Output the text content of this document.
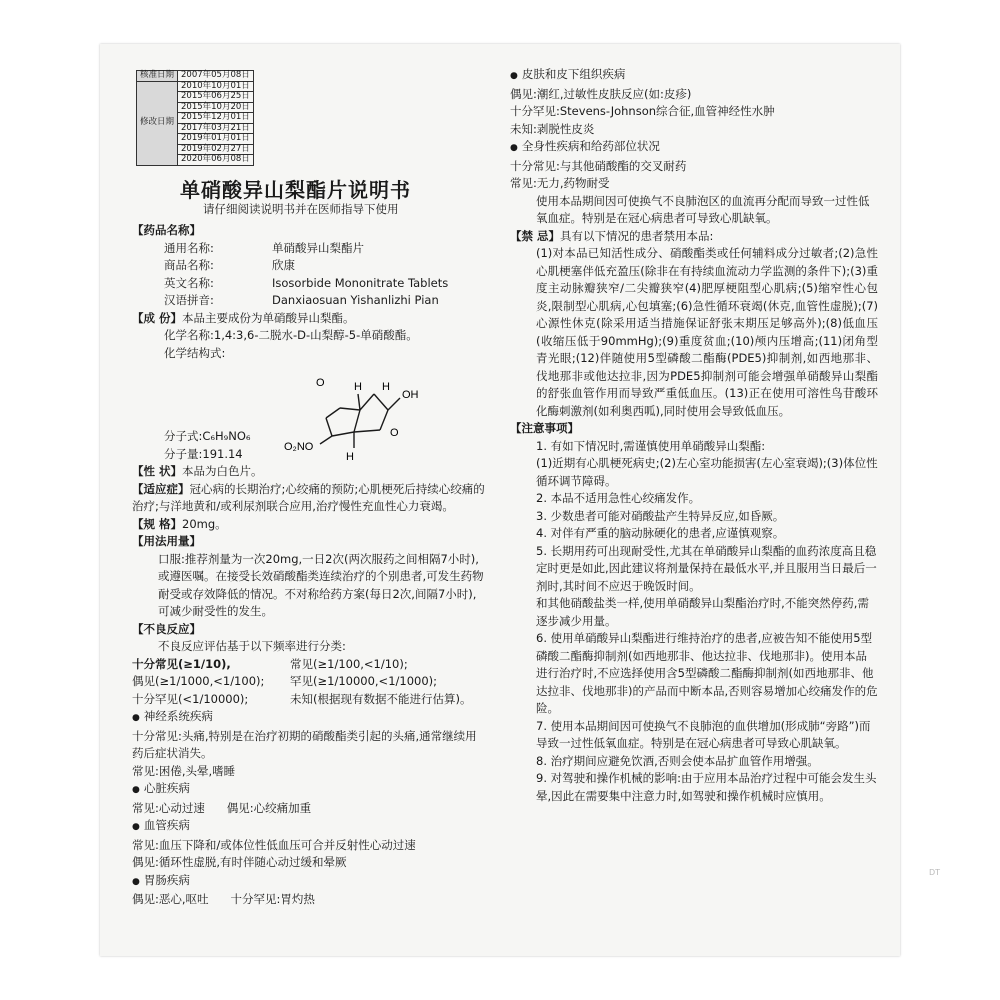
DT
核准日期	2007年05月08日
修改日期	2010年10月01日
	2015年06月25日
	2015年10月20日
	2015年12月01日
	2017年03月21日
	2019年01月01日
	2019年02月27日
	2020年06月08日
单硝酸异山梨酯片说明书
请仔细阅读说明书并在医师指导下使用

【药品名称】

通用名称:	单硝酸异山梨酯片
商品名称:	欣康
英文名称:	Isosorbide Mononitrate Tablets
汉语拼音:	Danxiaosuan Yishanlizhi Pian

【成 份】本品主要成份为单硝酸异山梨酯。

化学名称:1,4:3,6-二脱水-D-山梨醇-5-单硝酸酯。

化学结构式:

分子式:C₆H₉NO₆

分子量:191.14

【性 状】本品为白色片。

【适应症】冠心病的长期治疗;心绞痛的预防;心肌梗死后持续心绞痛的治疗;与洋地黄和/或利尿剂联合应用,治疗慢性充血性心力衰竭。

【规 格】20mg。

【用法用量】

口服:推荐剂量为一次20mg,一日2次(两次服药之间相隔7小时),或遵医嘱。在接受长效硝酸酯类连续治疗的个别患者,可发生药物耐受或存效降低的情况。不对称给药方案(每日2次,间隔7小时),可减少耐受性的发生。

【不良反应】

不良反应评估基于以下频率进行分类:

十分常见(≥1/10),	常见(≥1/100,<1/10);
偶见(≥1/1000,<1/100);	罕见(≥1/10000,<1/1000);
十分罕见(<1/10000);	未知(根据现有数据不能进行估算)。

● 神经系统疾病

十分常见:头痛,特别是在治疗初期的硝酸酯类引起的头痛,通常继续用药后症状消失。

常见:困倦,头晕,嗜睡

● 心脏疾病

常见:心动过速      偶见:心绞痛加重

● 血管疾病

常见:血压下降和/或体位性低血压可合并反射性心动过速

偶见:循环性虚脱,有时伴随心动过缓和晕厥

● 胃肠疾病

偶见:恶心,呕吐      十分罕见:胃灼热

O	H H
OH
O
H
O₂NO

● 皮肤和皮下组织疾病

偶见:潮红,过敏性皮肤反应(如:皮疹)

十分罕见:Stevens-Johnson综合征,血管神经性水肿

未知:剥脱性皮炎

● 全身性疾病和给药部位状况

十分常见:与其他硝酸酯的交叉耐药

常见:无力,药物耐受

使用本品期间因可使换气不良肺泡区的血流再分配而导致一过性低氧血症。特别是在冠心病患者可导致心肌缺氧。

【禁 忌】具有以下情况的患者禁用本品:

(1)对本品已知活性成分、硝酸酯类或任何辅料成分过敏者;(2)急性心肌梗塞伴低充盈压(除非在有持续血流动力学监测的条件下);(3)重度主动脉瓣狭窄/二尖瓣狭窄(4)肥厚梗阻型心肌病;(5)缩窄性心包炎,限制型心肌病,心包填塞;(6)急性循环衰竭(休克,血管性虚脱);(7)心源性休克(除采用适当措施保证舒张末期压足够高外);(8)低血压(收缩压低于90mmHg);(9)重度贫血;(10)颅内压增高;(11)闭角型青光眼;(12)伴随使用5型磷酸二酯酶(PDE5)抑制剂,如西地那非、伐地那非或他达拉非,因为PDE5抑制剂可能会增强单硝酸异山梨酯的舒张血管作用而导致严重低血压。(13)正在使用可溶性鸟苷酸环化酶刺激剂(如利奥西呱),同时使用会导致低血压。

【注意事项】

1. 有如下情况时,需谨慎使用单硝酸异山梨酯:

(1)近期有心肌梗死病史;(2)左心室功能损害(左心室衰竭);(3)体位性循环调节障碍。

2. 本品不适用急性心绞痛发作。

3. 少数患者可能对硝酸盐产生特异反应,如昏厥。

4. 对伴有严重的脑动脉硬化的患者,应谨慎观察。

5. 长期用药可出现耐受性,尤其在单硝酸异山梨酯的血药浓度高且稳定时更是如此,因此建议将剂量保持在最低水平,并且服用当日最后一剂时,其时间不应迟于晚饭时间。

和其他硝酸盐类一样,使用单硝酸异山梨酯治疗时,不能突然停药,需逐步减少用量。

6. 使用单硝酸异山梨酯进行维持治疗的患者,应被告知不能使用5型磷酸二酯酶抑制剂(如西地那非、他达拉非、伐地那非)。使用本品进行治疗时,不应选择使用含5型磷酸二酯酶抑制剂(如西地那非、他达拉非、伐地那非)的产品而中断本品,否则容易增加心绞痛发作的危险。

7. 使用本品期间因可使换气不良肺泡的血供增加(形成肺“旁路”)而导致一过性低氧血症。特别是在冠心病患者可导致心肌缺氧。

8. 治疗期间应避免饮酒,否则会使本品扩血管作用增强。

9. 对驾驶和操作机械的影响:由于应用本品治疗过程中可能会发生头晕,因此在需要集中注意力时,如驾驶和操作机械时应慎用。
